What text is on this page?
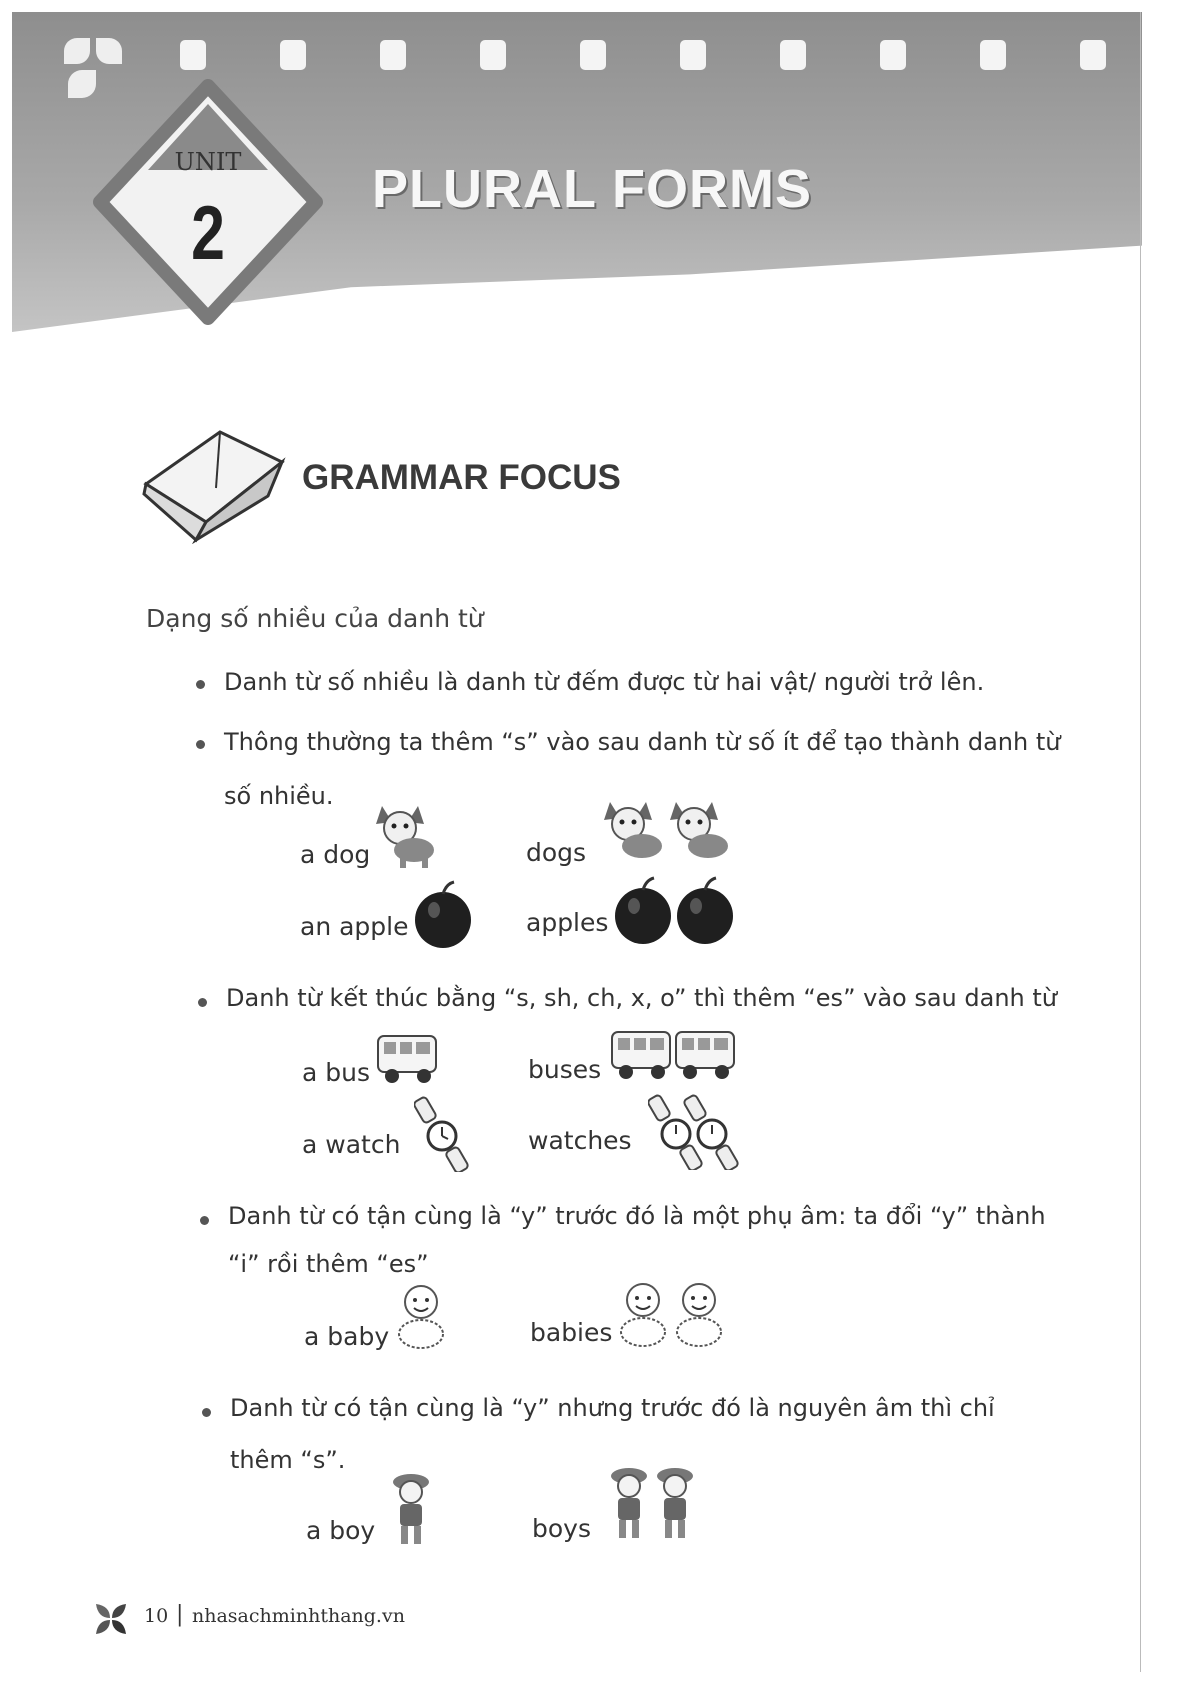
UNIT
2
PLURAL FORMS
GRAMMAR FOCUS
Dạng số nhiều của danh từ
Danh từ số nhiều là danh từ đếm được từ hai vật/ người trở lên.
Thông thường ta thêm “s” vào sau danh từ số ít để tạo thành danh từ
số nhiều.
a dog	dogs
an apple	apples
Danh từ kết thúc bằng “s, sh, ch, x, o” thì thêm “es” vào sau danh từ
a bus	buses
a watch	watches
Danh từ có tận cùng là “y” trước đó là một phụ âm: ta đổi “y” thành
“i” rồi thêm “es”
a baby	babies
Danh từ có tận cùng là “y” nhưng trước đó là nguyên âm thì chỉ
thêm “s”.
a boy	boys
10 | nhasachminhthang.vn
